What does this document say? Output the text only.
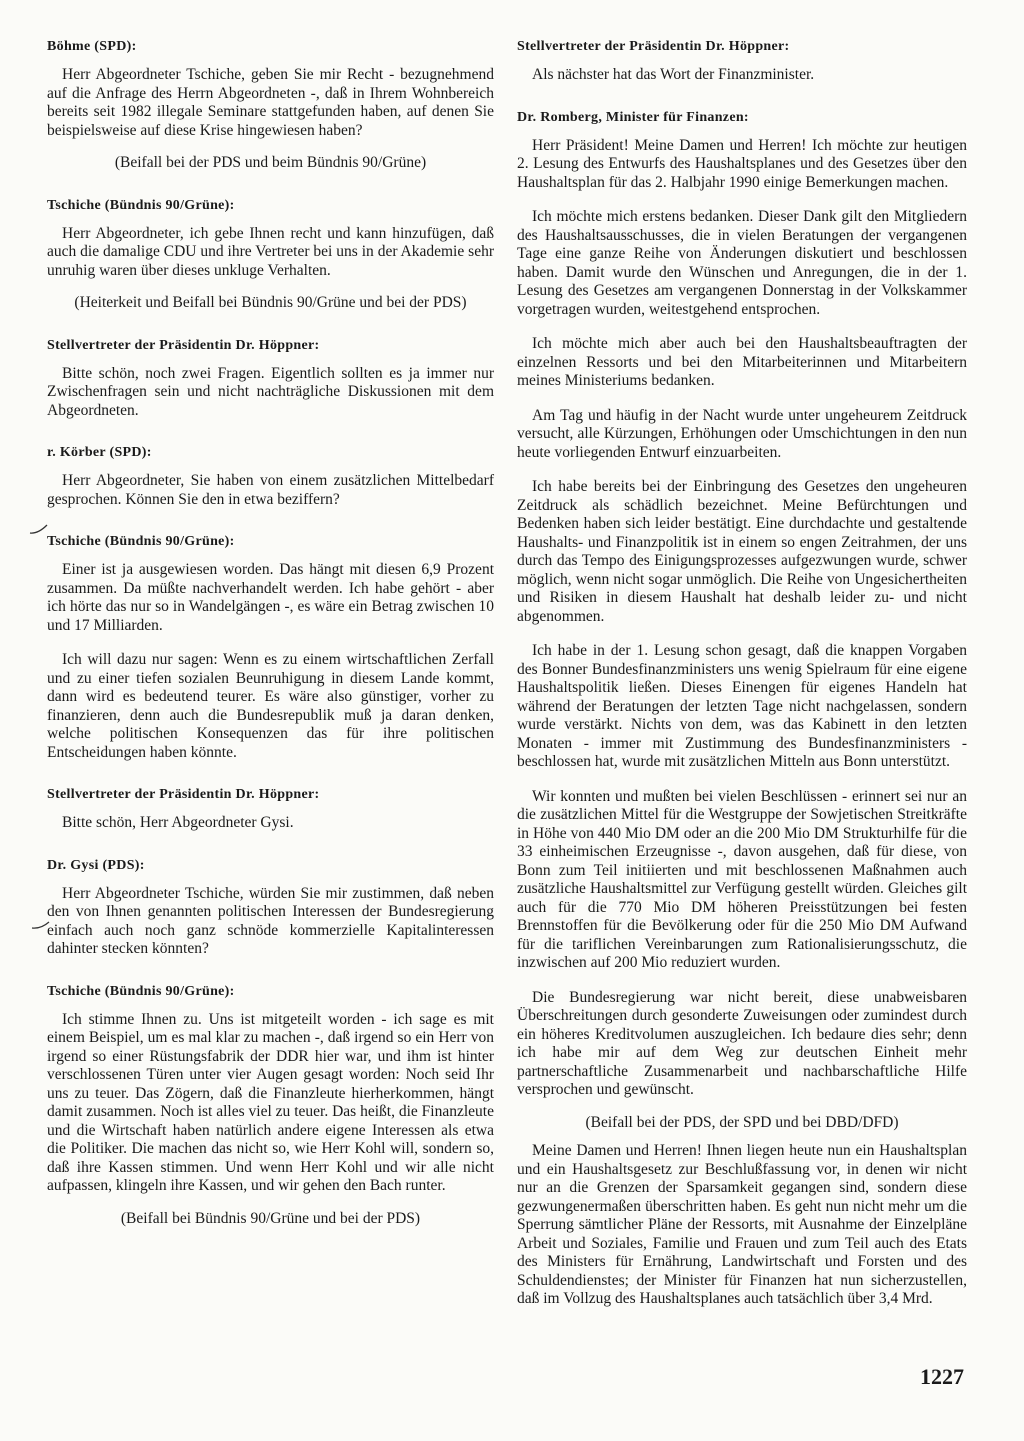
Böhme (SPD):

Herr Abgeordneter Tschiche, geben Sie mir Recht - bezugnehmend auf die Anfrage des Herrn Abgeordneten -, daß in Ihrem Wohnbereich bereits seit 1982 illegale Seminare stattgefunden haben, auf denen Sie beispielsweise auf diese Krise hingewiesen haben?

(Beifall bei der PDS und beim Bündnis 90/Grüne)

Tschiche (Bündnis 90/Grüne):

Herr Abgeordneter, ich gebe Ihnen recht und kann hinzufügen, daß auch die damalige CDU und ihre Vertreter bei uns in der Akademie sehr unruhig waren über dieses unkluge Verhalten.

(Heiterkeit und Beifall bei Bündnis 90/Grüne und bei der PDS)

Stellvertreter der Präsidentin Dr. Höppner:

Bitte schön, noch zwei Fragen. Eigentlich sollten es ja immer nur Zwischenfragen sein und nicht nachträgliche Diskussionen mit dem Abgeordneten.

r. Körber (SPD):

Herr Abgeordneter, Sie haben von einem zusätzlichen Mittelbedarf gesprochen. Können Sie den in etwa beziffern?

Tschiche (Bündnis 90/Grüne):

Einer ist ja ausgewiesen worden. Das hängt mit diesen 6,9 Prozent zusammen. Da müßte nachverhandelt werden. Ich habe gehört - aber ich hörte das nur so in Wandelgängen -, es wäre ein Betrag zwischen 10 und 17 Milliarden.

Ich will dazu nur sagen: Wenn es zu einem wirtschaftlichen Zerfall und zu einer tiefen sozialen Beunruhigung in diesem Lande kommt, dann wird es bedeutend teurer. Es wäre also günstiger, vorher zu finanzieren, denn auch die Bundesrepublik muß ja daran denken, welche politischen Konsequenzen das für ihre politischen Entscheidungen haben könnte.

Stellvertreter der Präsidentin Dr. Höppner:

Bitte schön, Herr Abgeordneter Gysi.

Dr. Gysi (PDS):

Herr Abgeordneter Tschiche, würden Sie mir zustimmen, daß neben den von Ihnen genannten politischen Interessen der Bundesregierung einfach auch noch ganz schnöde kommerzielle Kapitalinteressen dahinter stecken könnten?

Tschiche (Bündnis 90/Grüne):

Ich stimme Ihnen zu. Uns ist mitgeteilt worden - ich sage es mit einem Beispiel, um es mal klar zu machen -, daß irgend so ein Herr von irgend so einer Rüstungsfabrik der DDR hier war, und ihm ist hinter verschlossenen Türen unter vier Augen gesagt worden: Noch seid Ihr uns zu teuer. Das Zögern, daß die Finanzleute hierherkommen, hängt damit zusammen. Noch ist alles viel zu teuer. Das heißt, die Finanzleute und die Wirtschaft haben natürlich andere eigene Interessen als etwa die Politiker. Die machen das nicht so, wie Herr Kohl will, sondern so, daß ihre Kassen stimmen. Und wenn Herr Kohl und wir alle nicht aufpassen, klingeln ihre Kassen, und wir gehen den Bach runter.

(Beifall bei Bündnis 90/Grüne und bei der PDS)

Stellvertreter der Präsidentin Dr. Höppner:

Als nächster hat das Wort der Finanzminister.

Dr. Romberg, Minister für Finanzen:

Herr Präsident! Meine Damen und Herren! Ich möchte zur heutigen 2. Lesung des Entwurfs des Haushaltsplanes und des Gesetzes über den Haushaltsplan für das 2. Halbjahr 1990 einige Bemerkungen machen.

Ich möchte mich erstens bedanken. Dieser Dank gilt den Mitgliedern des Haushaltsausschusses, die in vielen Beratungen der vergangenen Tage eine ganze Reihe von Änderungen diskutiert und beschlossen haben. Damit wurde den Wünschen und Anregungen, die in der 1. Lesung des Gesetzes am vergangenen Donnerstag in der Volkskammer vorgetragen wurden, weitestgehend entsprochen.

Ich möchte mich aber auch bei den Haushaltsbeauftragten der einzelnen Ressorts und bei den Mitarbeiterinnen und Mitarbeitern meines Ministeriums bedanken.

Am Tag und häufig in der Nacht wurde unter ungeheurem Zeitdruck versucht, alle Kürzungen, Erhöhungen oder Umschichtungen in den nun heute vorliegenden Entwurf einzuarbeiten.

Ich habe bereits bei der Einbringung des Gesetzes den ungeheuren Zeitdruck als schädlich bezeichnet. Meine Befürchtungen und Bedenken haben sich leider bestätigt. Eine durchdachte und gestaltende Haushalts- und Finanzpolitik ist in einem so engen Zeitrahmen, der uns durch das Tempo des Einigungsprozesses aufgezwungen wurde, schwer möglich, wenn nicht sogar unmöglich. Die Reihe von Ungesichertheiten und Risiken in diesem Haushalt hat deshalb leider zu- und nicht abgenommen.

Ich habe in der 1. Lesung schon gesagt, daß die knappen Vorgaben des Bonner Bundesfinanzministers uns wenig Spielraum für eine eigene Haushaltspolitik ließen. Dieses Einengen für eigenes Handeln hat während der Beratungen der letzten Tage nicht nachgelassen, sondern wurde verstärkt. Nichts von dem, was das Kabinett in den letzten Monaten - immer mit Zustimmung des Bundesfinanzministers - beschlossen hat, wurde mit zusätzlichen Mitteln aus Bonn unterstützt.

Wir konnten und mußten bei vielen Beschlüssen - erinnert sei nur an die zusätzlichen Mittel für die Westgruppe der Sowjetischen Streitkräfte in Höhe von 440 Mio DM oder an die 200 Mio DM Strukturhilfe für die 33 einheimischen Erzeugnisse -, davon ausgehen, daß für diese, von Bonn zum Teil initiierten und mit beschlossenen Maßnahmen auch zusätzliche Haushaltsmittel zur Verfügung gestellt würden. Gleiches gilt auch für die 770 Mio DM höheren Preisstützungen bei festen Brennstoffen für die Bevölkerung oder für die 250 Mio DM Aufwand für die tariflichen Vereinbarungen zum Rationalisierungsschutz, die inzwischen auf 200 Mio reduziert wurden.

Die Bundesregierung war nicht bereit, diese unabweisbaren Überschreitungen durch gesonderte Zuweisungen oder zumindest durch ein höheres Kreditvolumen auszugleichen. Ich bedaure dies sehr; denn ich habe mir auf dem Weg zur deutschen Einheit mehr partnerschaftliche Zusammenarbeit und nachbarschaftliche Hilfe versprochen und gewünscht.

(Beifall bei der PDS, der SPD und bei DBD/DFD)

Meine Damen und Herren! Ihnen liegen heute nun ein Haushaltsplan und ein Haushaltsgesetz zur Beschlußfassung vor, in denen wir nicht nur an die Grenzen der Sparsamkeit gegangen sind, sondern diese gezwungenermaßen überschritten haben. Es geht nun nicht mehr um die Sperrung sämtlicher Pläne der Ressorts, mit Ausnahme der Einzelpläne Arbeit und Soziales, Familie und Frauen und zum Teil auch des Etats des Ministers für Ernährung, Landwirtschaft und Forsten und des Schuldendienstes; der Minister für Finanzen hat nun sicherzustellen, daß im Vollzug des Haushaltsplanes auch tatsächlich über 3,4 Mrd.

1227
